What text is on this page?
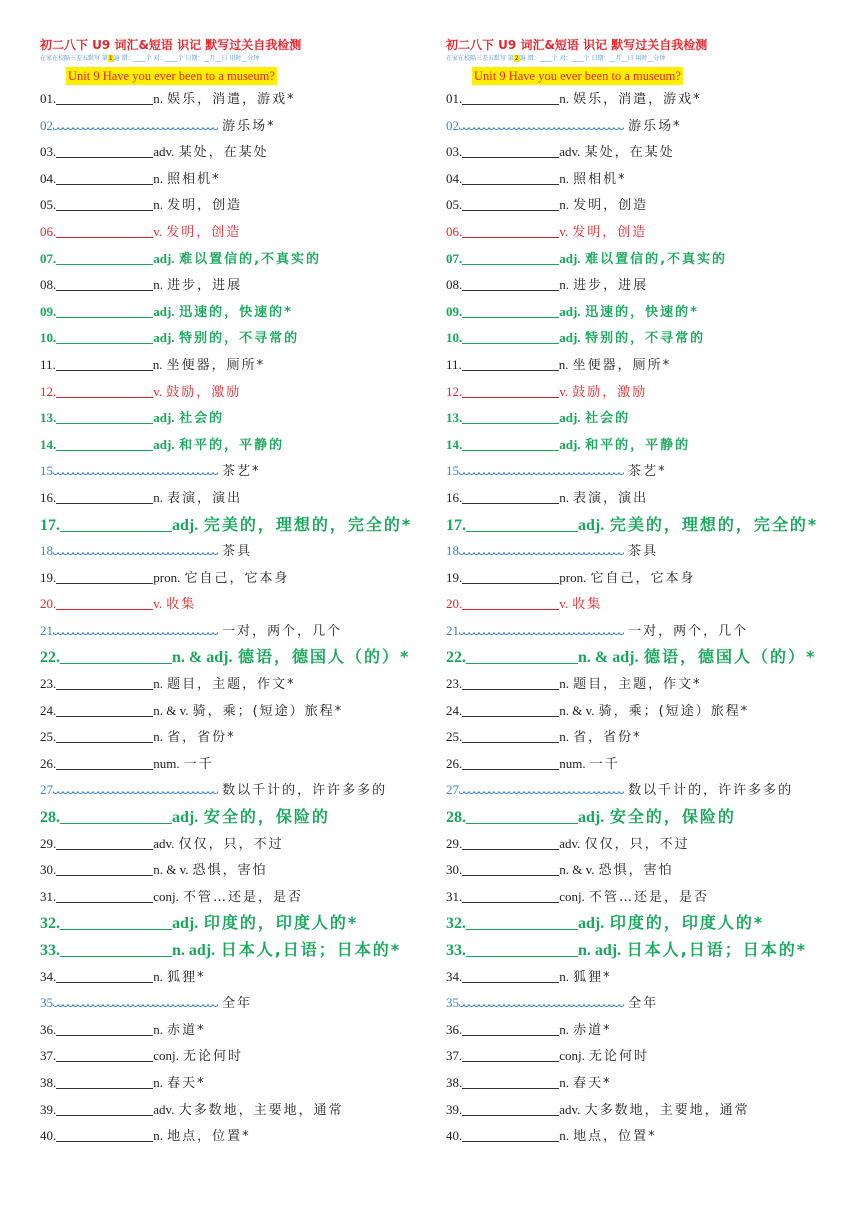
初二八下 U9 词汇&短语 识记 默写过关自我检测
在家在校隔三差五默写 第1遍 错：____个 对：____个 日期：__月__日 用时__分钟
Unit 9 Have you ever been to a museum?
01.	n. 娱乐，消遣，游戏*
02	游乐场*
03.	adv. 某处，在某处
04.	n. 照相机*
05.	n. 发明，创造
06.	v. 发明，创造
07.	adj. 难以置信的,不真实的
08.	n. 进步，进展
09.	adj. 迅速的，快速的*
10.	adj. 特别的，不寻常的
11.	n. 坐便器，厕所*
12.	v. 鼓励，激励
13.	adj. 社会的
14.	adj. 和平的，平静的
15	茶艺*
16.	n. 表演，演出
17.	adj. 完美的，理想的，完全的*
18	茶具
19.	pron. 它自己，它本身
20.	v. 收集
21	一对，两个，几个
22.	n. & adj. 德语，德国人（的）*
23.	n. 题目，主题，作文*
24.	n. & v. 骑，乘；(短途）旅程*
25.	n. 省，省份*
26.	num. 一千
27	数以千计的，许许多多的
28.	adj. 安全的，保险的
29.	adv. 仅仅，只，不过
30.	n. & v. 恐惧，害怕
31.	conj. 不管…还是，是否
32.	adj. 印度的，印度人的*
33.	n. adj. 日本人,日语；日本的*
34.	n. 狐狸*
35	全年
36.	n. 赤道*
37.	conj. 无论何时
38.	n. 春天*
39.	adv. 大多数地，主要地，通常
40.	n. 地点，位置*
初二八下 U9 词汇&短语 识记 默写过关自我检测
在家在校隔三差五默写 第2遍 错：____个 对：____个 日期：__月__日 用时__分钟
Unit 9 Have you ever been to a museum?
01.	n. 娱乐，消遣，游戏*
02	游乐场*
03.	adv. 某处，在某处
04.	n. 照相机*
05.	n. 发明，创造
06.	v. 发明，创造
07.	adj. 难以置信的,不真实的
08.	n. 进步，进展
09.	adj. 迅速的，快速的*
10.	adj. 特别的，不寻常的
11.	n. 坐便器，厕所*
12.	v. 鼓励，激励
13.	adj. 社会的
14.	adj. 和平的，平静的
15	茶艺*
16.	n. 表演，演出
17.	adj. 完美的，理想的，完全的*
18	茶具
19.	pron. 它自己，它本身
20.	v. 收集
21	一对，两个，几个
22.	n. & adj. 德语，德国人（的）*
23.	n. 题目，主题，作文*
24.	n. & v. 骑，乘；(短途）旅程*
25.	n. 省，省份*
26.	num. 一千
27	数以千计的，许许多多的
28.	adj. 安全的，保险的
29.	adv. 仅仅，只，不过
30.	n. & v. 恐惧，害怕
31.	conj. 不管…还是，是否
32.	adj. 印度的，印度人的*
33.	n. adj. 日本人,日语；日本的*
34.	n. 狐狸*
35	全年
36.	n. 赤道*
37.	conj. 无论何时
38.	n. 春天*
39.	adv. 大多数地，主要地，通常
40.	n. 地点，位置*
